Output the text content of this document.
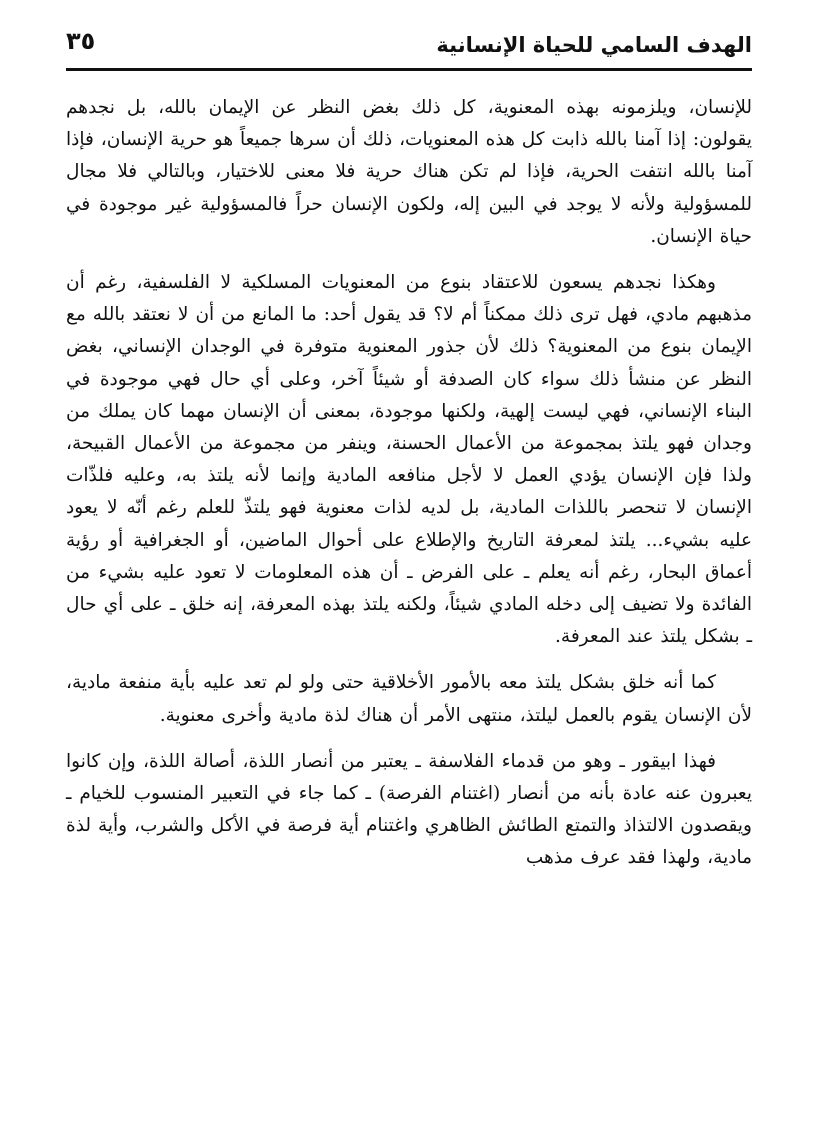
الهدف السامي للحياة الإنسانية
٣٥

للإنسان، ويلزمونه بهذه المعنوية، كل ذلك بغض النظر عن الإيمان بالله، بل نجدهم يقولون: إذا آمنا بالله ذابت كل هذه المعنويات، ذلك أن سرها جميعاً هو حرية الإنسان، فإذا آمنا بالله انتفت الحرية، فإذا لم تكن هناك حرية فلا معنى للاختيار، وبالتالي فلا مجال للمسؤولية ولأنه لا يوجد في البين إله، ولكون الإنسان حراً فالمسؤولية غير موجودة في حياة الإنسان.

وهكذا نجدهم يسعون للاعتقاد بنوع من المعنويات المسلكية لا الفلسفية، رغم أن مذهبهم مادي، فهل ترى ذلك ممكناً أم لا؟ قد يقول أحد: ما المانع من أن لا نعتقد بالله مع الإيمان بنوع من المعنوية؟ ذلك لأن جذور المعنوية متوفرة في الوجدان الإنساني، بغض النظر عن منشأ ذلك سواء كان الصدفة أو شيئاً آخر، وعلى أي حال فهي موجودة في البناء الإنساني، فهي ليست إلهية، ولكنها موجودة، بمعنى أن الإنسان مهما كان يملك من وجدان فهو يلتذ بمجموعة من الأعمال الحسنة، وينفر من مجموعة من الأعمال القبيحة، ولذا فإن الإنسان يؤدي العمل لا لأجل منافعه المادية وإنما لأنه يلتذ به، وعليه فلذّات الإنسان لا تنحصر باللذات المادية، بل لديه لذات معنوية فهو يلتذّ للعلم رغم أنّه لا يعود عليه بشيء... يلتذ لمعرفة التاريخ والإطلاع على أحوال الماضين، أو الجغرافية أو رؤية أعماق البحار، رغم أنه يعلم ـ على الفرض ـ أن هذه المعلومات لا تعود عليه بشيء من الفائدة ولا تضيف إلى دخله المادي شيئاً، ولكنه يلتذ بهذه المعرفة، إنه خلق ـ على أي حال ـ بشكل يلتذ عند المعرفة.

كما أنه خلق بشكل يلتذ معه بالأمور الأخلاقية حتى ولو لم تعد عليه بأية منفعة مادية، لأن الإنسان يقوم بالعمل ليلتذ، منتهى الأمر أن هناك لذة مادية وأخرى معنوية.

فهذا ابيقور ـ وهو من قدماء الفلاسفة ـ يعتبر من أنصار اللذة، أصالة اللذة، وإن كانوا يعبرون عنه عادة بأنه من أنصار (اغتنام الفرصة) ـ كما جاء في التعبير المنسوب للخيام ـ ويقصدون الالتذاذ والتمتع الطائش الظاهري واغتنام أية فرصة في الأكل والشرب، وأية لذة مادية، ولهذا فقد عرف مذهب
